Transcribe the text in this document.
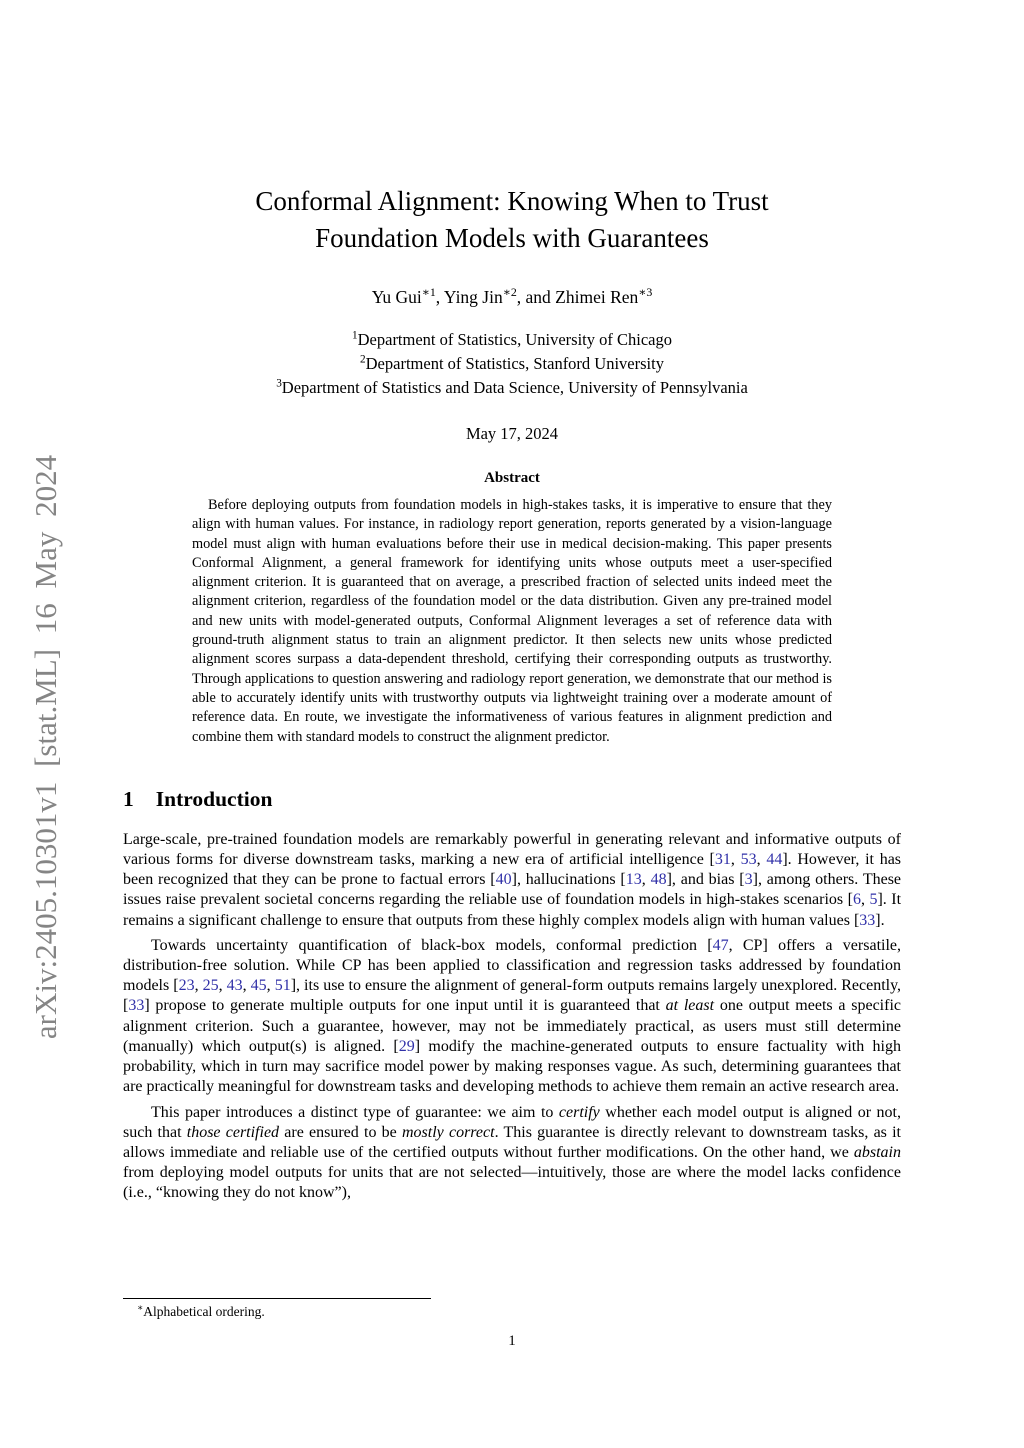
arXiv:2405.10301v1 [stat.ML] 16 May 2024
Conformal Alignment: Knowing When to Trust
Foundation Models with Guarantees
Yu Gui$^{∗1}$, Ying Jin$^{∗2}$, and Zhimei Ren$^{∗3}$
$^1$Department of Statistics, University of Chicago
$^2$Department of Statistics, Stanford University
$^3$Department of Statistics and Data Science, University of Pennsylvania
May 17, 2024
Abstract

Before deploying outputs from foundation models in high-stakes tasks, it is imperative to ensure that they align with human values. For instance, in radiology report generation, reports generated by a vision-language model must align with human evaluations before their use in medical decision-making. This paper presents Conformal Alignment, a general framework for identifying units whose outputs meet a user-specified alignment criterion. It is guaranteed that on average, a prescribed fraction of selected units indeed meet the alignment criterion, regardless of the foundation model or the data distribution. Given any pre-trained model and new units with model-generated outputs, Conformal Alignment leverages a set of reference data with ground-truth alignment status to train an alignment predictor. It then selects new units whose predicted alignment scores surpass a data-dependent threshold, certifying their corresponding outputs as trustworthy. Through applications to question answering and radiology report generation, we demonstrate that our method is able to accurately identify units with trustworthy outputs via lightweight training over a moderate amount of reference data. En route, we investigate the informativeness of various features in alignment prediction and combine them with standard models to construct the alignment predictor.

1 Introduction

Large-scale, pre-trained foundation models are remarkably powerful in generating relevant and informative outputs of various forms for diverse downstream tasks, marking a new era of artificial intelligence [31, 53, 44]. However, it has been recognized that they can be prone to factual errors [40], hallucinations [13, 48], and bias [3], among others. These issues raise prevalent societal concerns regarding the reliable use of foundation models in high-stakes scenarios [6, 5]. It remains a significant challenge to ensure that outputs from these highly complex models align with human values [33].

Towards uncertainty quantification of black-box models, conformal prediction [47, CP] offers a versatile, distribution-free solution. While CP has been applied to classification and regression tasks addressed by foundation models [23, 25, 43, 45, 51], its use to ensure the alignment of general-form outputs remains largely unexplored. Recently, [33] propose to generate multiple outputs for one input until it is guaranteed that at least one output meets a specific alignment criterion. Such a guarantee, however, may not be immediately practical, as users must still determine (manually) which output(s) is aligned. [29] modify the machine-generated outputs to ensure factuality with high probability, which in turn may sacrifice model power by making responses vague. As such, determining guarantees that are practically meaningful for downstream tasks and developing methods to achieve them remain an active research area.

This paper introduces a distinct type of guarantee: we aim to certify whether each model output is aligned or not, such that those certified are ensured to be mostly correct. This guarantee is directly relevant to downstream tasks, as it allows immediate and reliable use of the certified outputs without further modifications. On the other hand, we abstain from deploying model outputs for units that are not selected—intuitively, those are where the model lacks confidence (i.e., “knowing they do not know”),

∗Alphabetical ordering.

1
